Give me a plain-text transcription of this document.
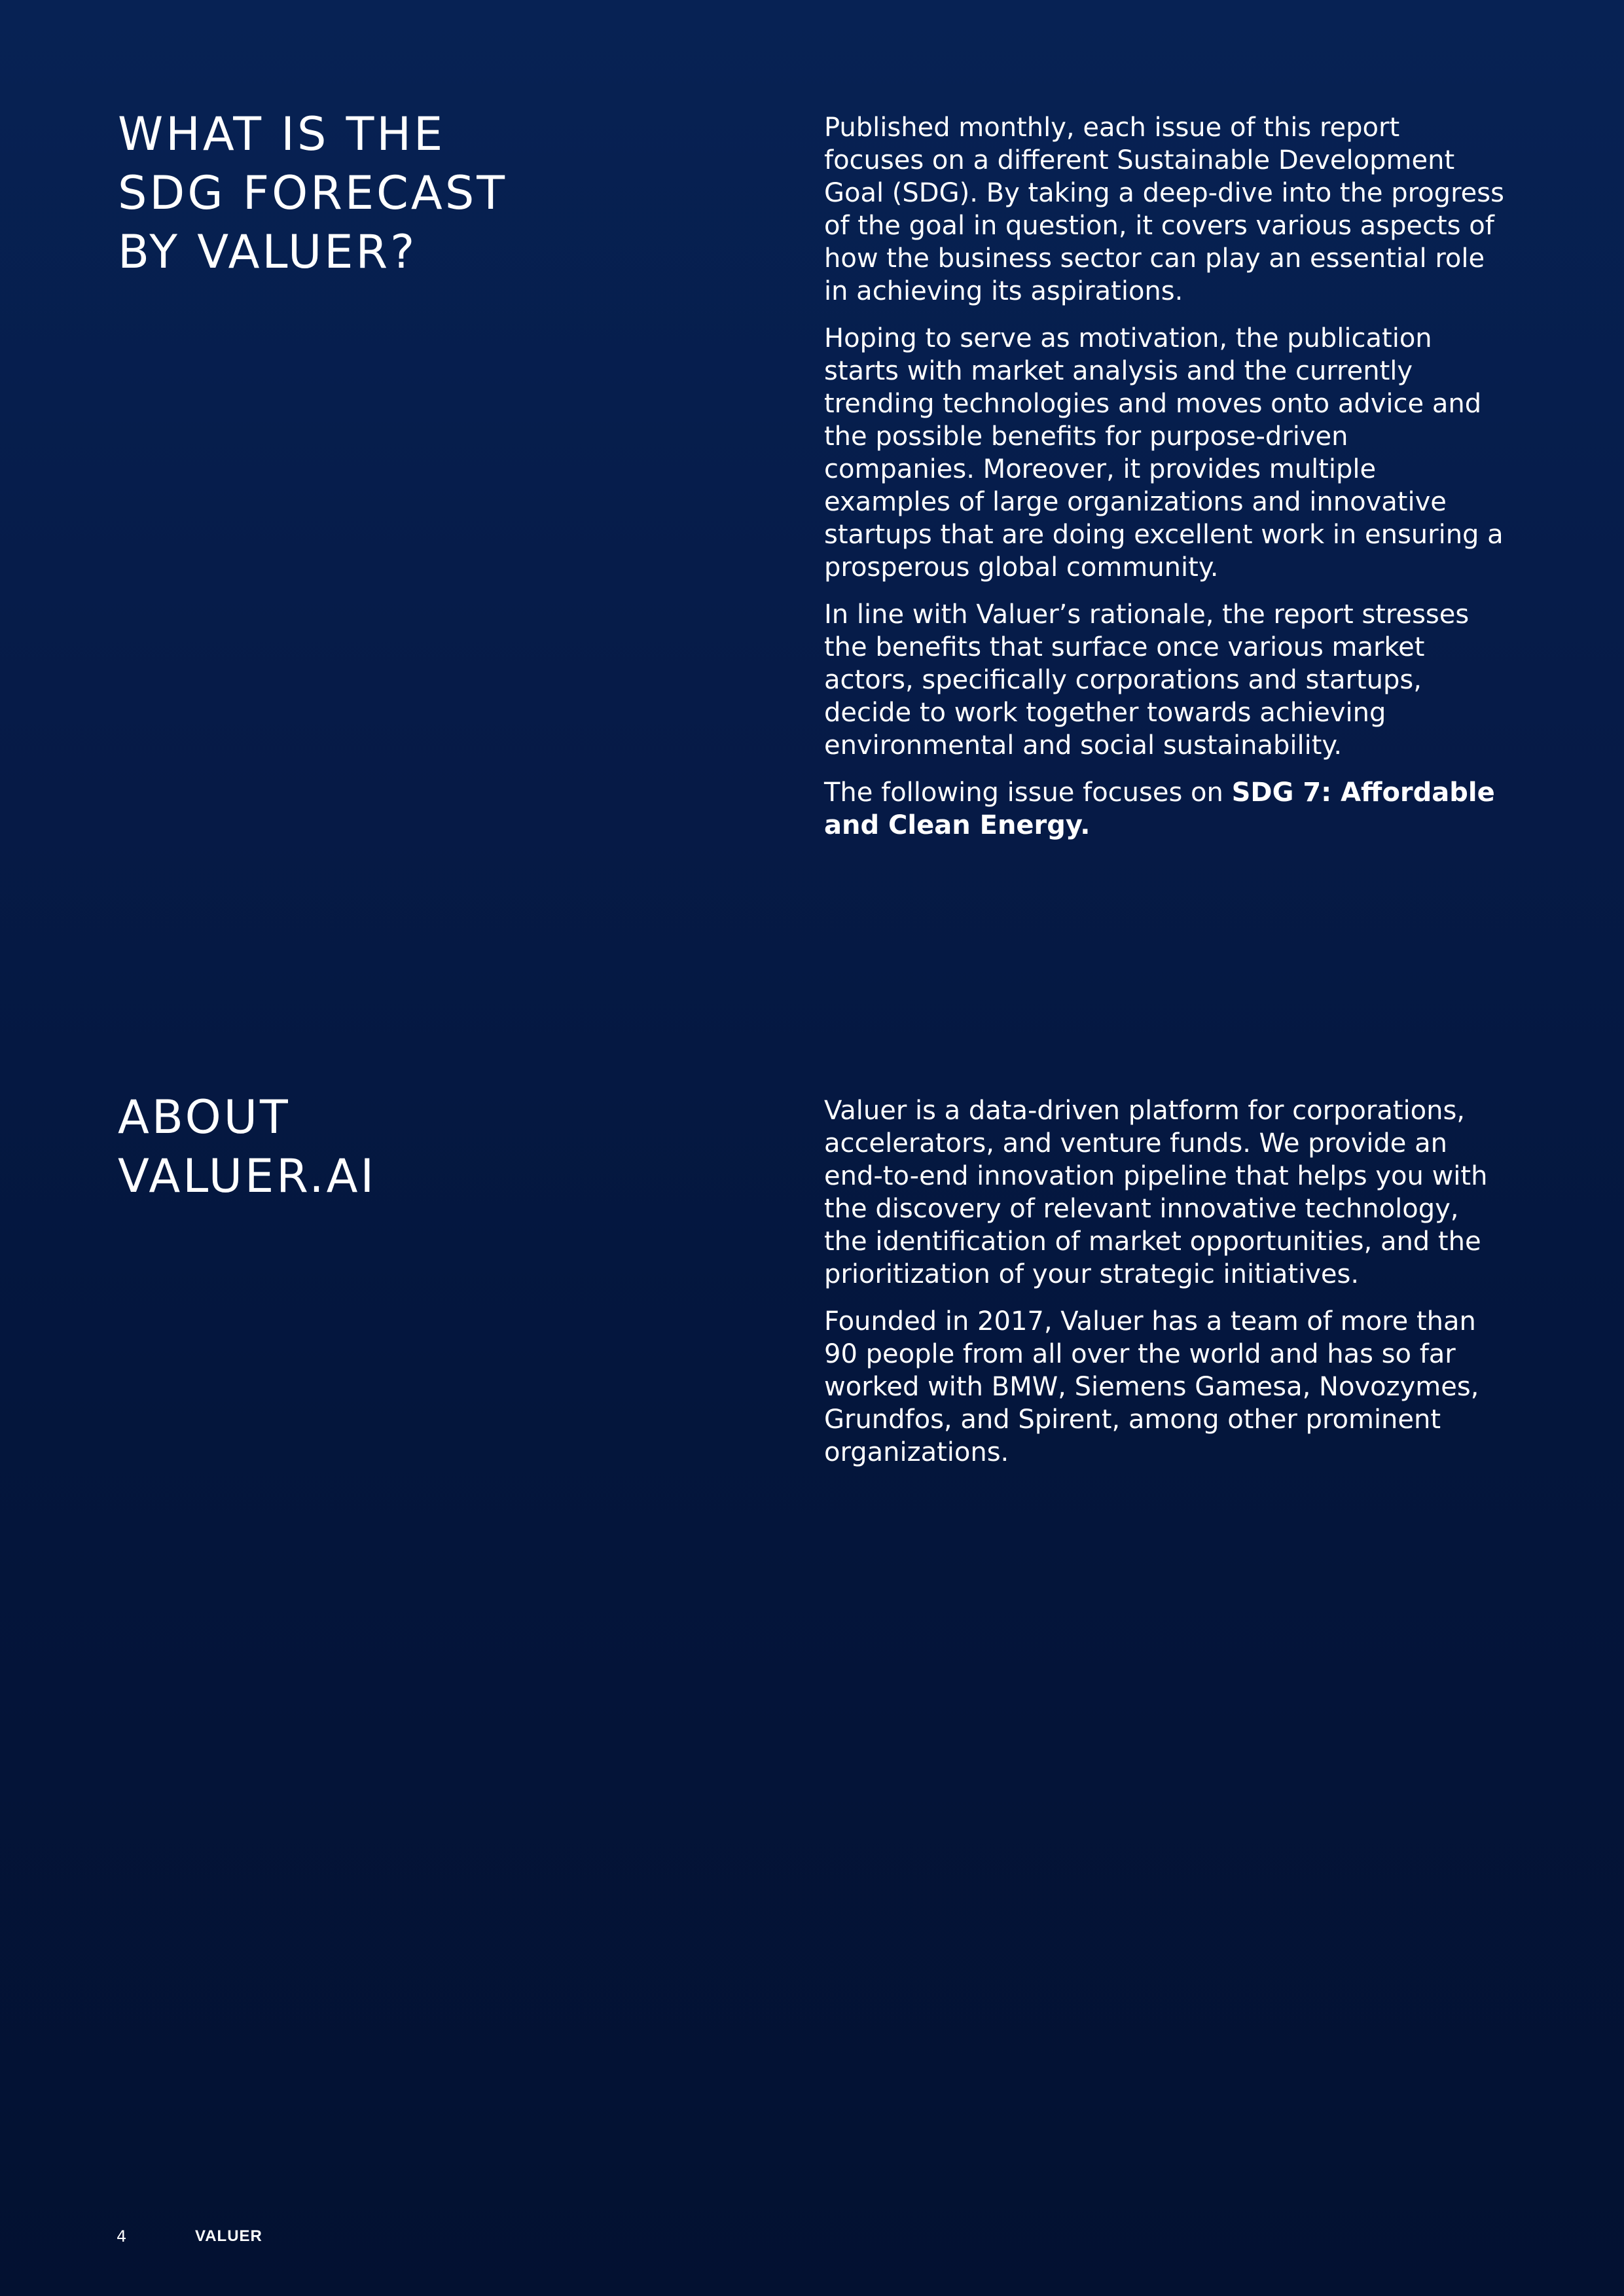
WHAT IS THE
SDG FORECAST
BY VALUER?

Published monthly, each issue of this report focuses on a different Sustainable Development Goal (SDG). By taking a deep-dive into the progress of the goal in question, it covers various aspects of how the business sector can play an essential role in achieving its aspirations.

Hoping to serve as motivation, the publication starts with market analysis and the currently trending technologies and moves onto advice and the possible benefits for purpose-driven companies. Moreover, it provides multiple examples of large organizations and innovative startups that are doing excellent work in ensuring a prosperous global community.

In line with Valuer’s rationale, the report stresses the benefits that surface once various market actors, specifically corporations and startups, decide to work together towards achieving environmental and social sustainability.

The following issue focuses on SDG 7: Affordable and Clean Energy.

ABOUT
VALUER.AI

Valuer is a data-driven platform for corporations, accelerators, and venture funds. We provide an end-to-end innovation pipeline that helps you with the discovery of relevant innovative technology, the identification of market opportunities, and the prioritization of your strategic initiatives.

Founded in 2017, Valuer has a team of more than 90 people from all over the world and has so far worked with BMW, Siemens Gamesa, Novozymes, Grundfos, and Spirent, among other prominent organizations.

4	VALUER
